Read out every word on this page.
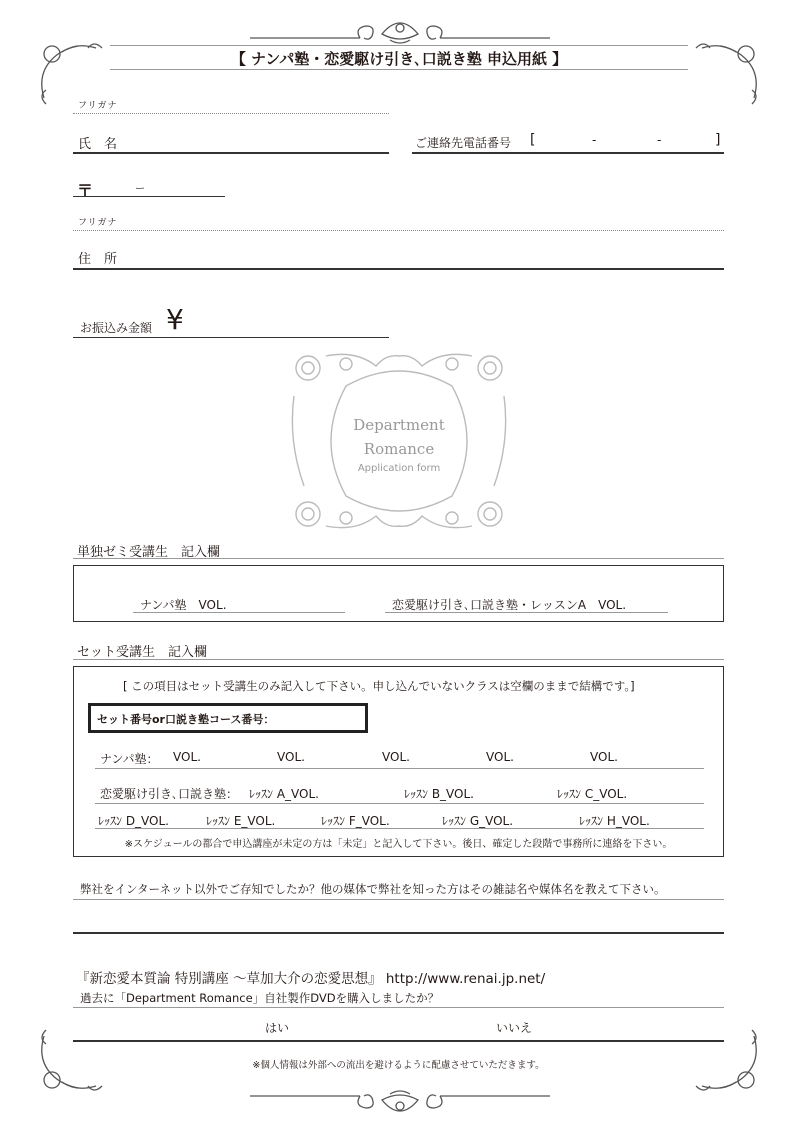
【 ナンパ塾・恋愛駆け引き､口説き塾 申込用紙 】
フリガナ
氏　名	ご連絡先電話番号 [	-	-	]
〒	ー
フリガナ
住　所
お振込み金額 ¥
Department
Romance
Application form
単独ゼミ受講生　記入欄
ナンパ塾　VOL.	恋愛駆け引き､口説き塾・レッスンA　VOL.
セット受講生　記入欄
[ この項目はセット受講生のみ記入して下さい。申し込んでいないクラスは空欄のままで結構です。]
セット番号or口説き塾コース番号：
ナンパ塾： VOL.	VOL.	VOL.	VOL.	VOL.
恋愛駆け引き､口説き塾： ﾚｯｽﾝ A_VOL.	ﾚｯｽﾝ B_VOL.	ﾚｯｽﾝ C_VOL.
ﾚｯｽﾝ D_VOL.	ﾚｯｽﾝ E_VOL.	ﾚｯｽﾝ F_VOL.	ﾚｯｽﾝ G_VOL.	ﾚｯｽﾝ H_VOL.
※スケジュールの都合で申込講座が未定の方は「未定」と記入して下さい。後日、確定した段階で事務所に連絡を下さい。
弊社をインターネット以外でご存知でしたか？他の媒体で弊社を知った方はその雑誌名や媒体名を教えて下さい。
『新恋愛本質論 特別講座 ～草加大介の恋愛思想』 http://www.renai.jp.net/
過去に「Department Romance」自社製作DVDを購入しましたか？
はい	いいえ
※個人情報は外部への流出を避けるように配慮させていただきます。
